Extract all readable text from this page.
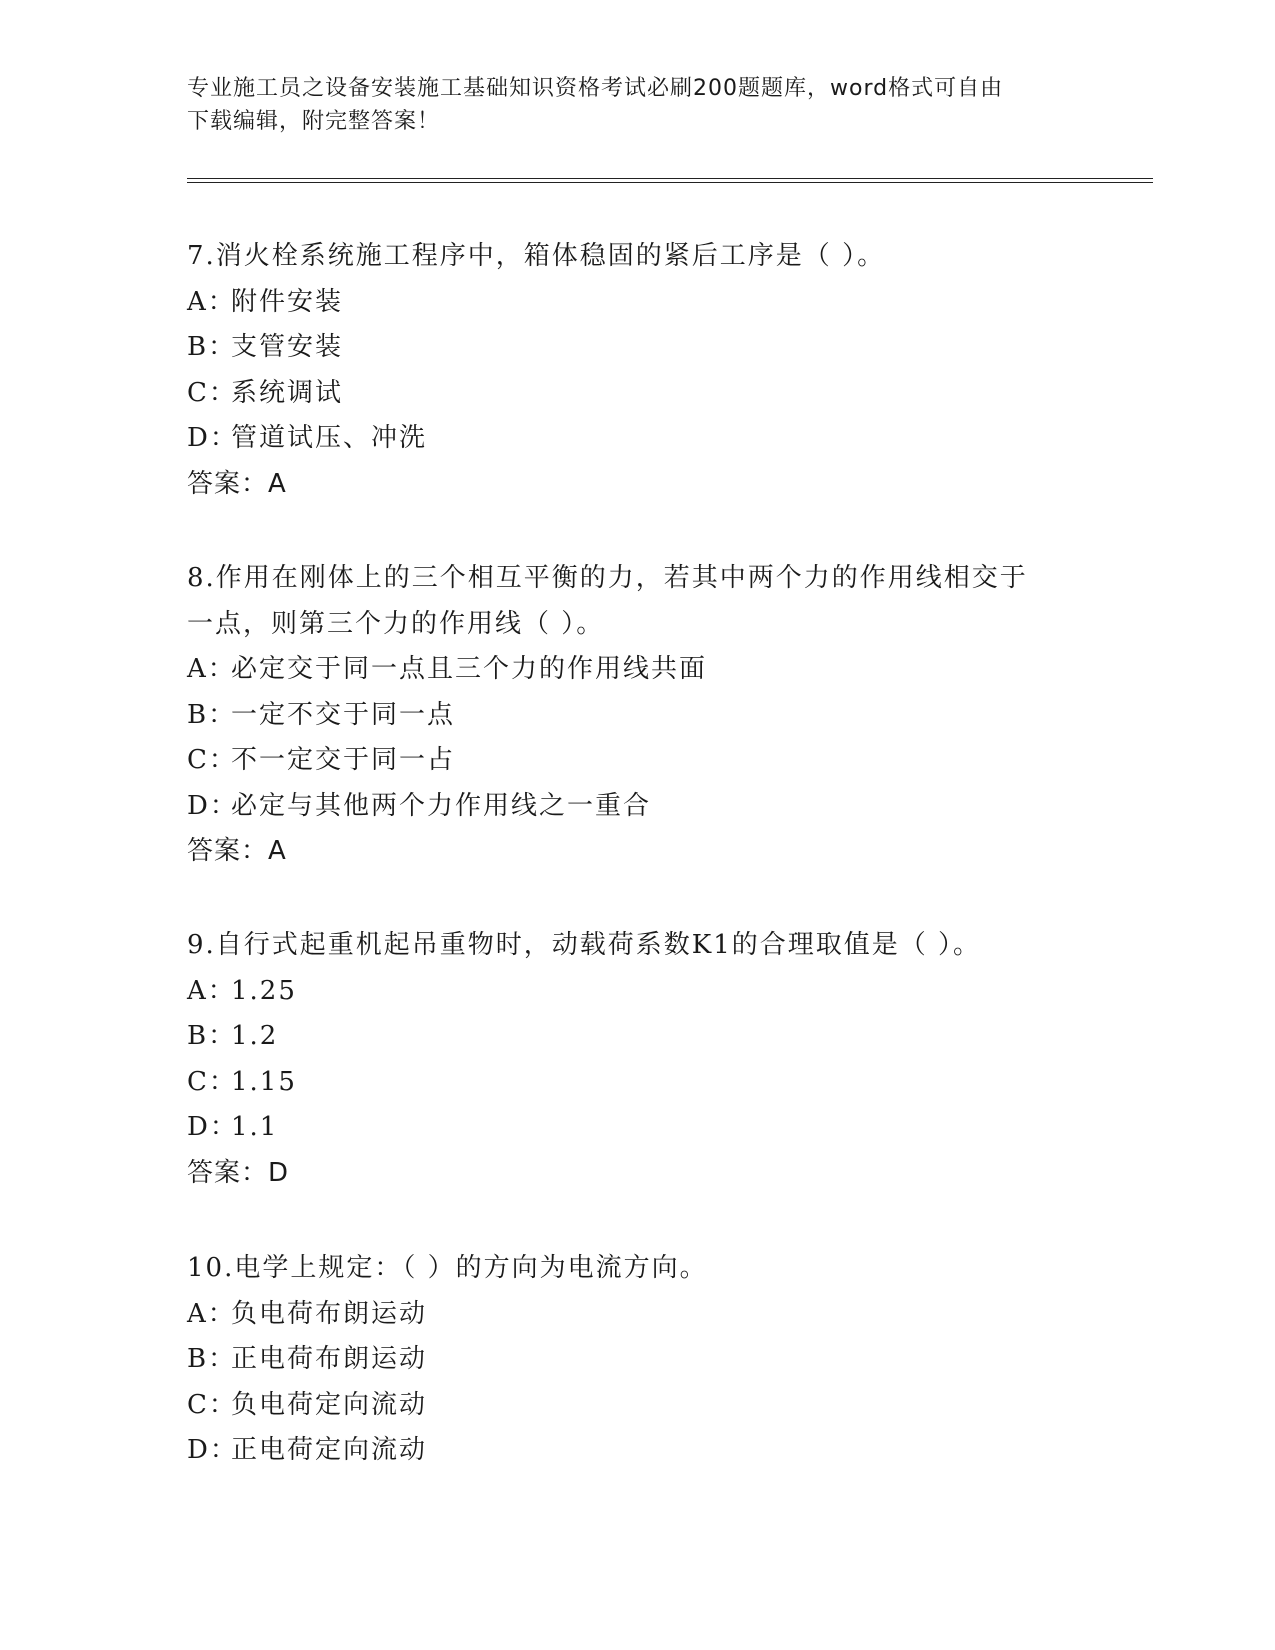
专业施工员之设备安装施工基础知识资格考试必刷200题题库，word格式可自由
下载编辑，附完整答案！
7.消火栓系统施工程序中，箱体稳固的紧后工序是（ ）。
A：附件安装
B：支管安装
C：系统调试
D：管道试压、冲洗
答案：A
8.作用在刚体上的三个相互平衡的力，若其中两个力的作用线相交于
一点，则第三个力的作用线（ ）。
A：必定交于同一点且三个力的作用线共面
B：一定不交于同一点
C：不一定交于同一占
D：必定与其他两个力作用线之一重合
答案：A
9.自行式起重机起吊重物时，动载荷系数K1的合理取值是（ ）。
A：1.25
B：1.2
C：1.15
D：1.1
答案：D
10.电学上规定：（ ）的方向为电流方向。
A：负电荷布朗运动
B：正电荷布朗运动
C：负电荷定向流动
D：正电荷定向流动
